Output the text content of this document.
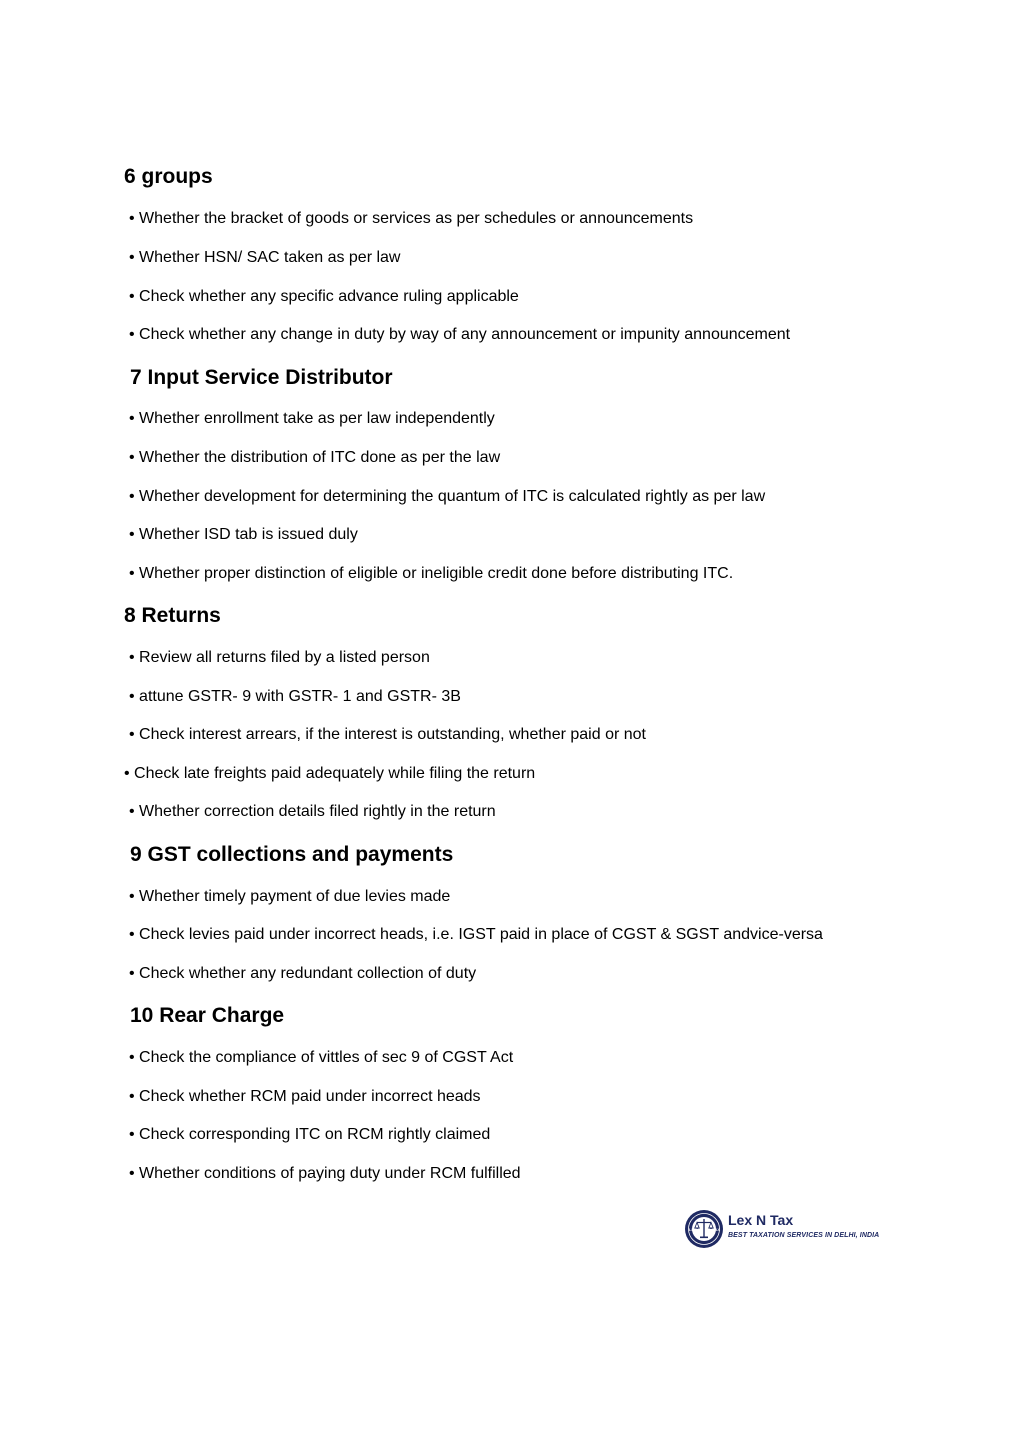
6 groups

• Whether the bracket of goods or services as per schedules or announcements

• Whether HSN/ SAC taken as per law

• Check whether any specific advance ruling applicable

• Check whether any change in duty by way of any announcement or impunity announcement

7 Input Service Distributor

• Whether enrollment take as per law independently

• Whether the distribution of ITC done as per the law

• Whether development for determining the quantum of ITC is calculated rightly as per law

• Whether ISD tab is issued duly

• Whether proper distinction of eligible or ineligible credit done before distributing ITC.

8 Returns

• Review all returns filed by a listed person

• attune GSTR- 9 with GSTR- 1 and GSTR- 3B

• Check interest arrears, if the interest is outstanding, whether paid or not

• Check late freights paid adequately while filing the return

• Whether correction details filed rightly in the return

9 GST collections and payments

• Whether timely payment of due levies made

• Check levies paid under incorrect heads, i.e. IGST paid in place of CGST & SGST andvice-versa

• Check whether any redundant collection of duty

10 Rear Charge

• Check the compliance of vittles of sec 9 of CGST Act

• Check whether RCM paid under incorrect heads

• Check corresponding ITC on RCM rightly claimed

• Whether conditions of paying duty under RCM fulfilled

LEX	TAX
Lex N Tax
BEST TAXATION SERVICES IN DELHI, INDIA
